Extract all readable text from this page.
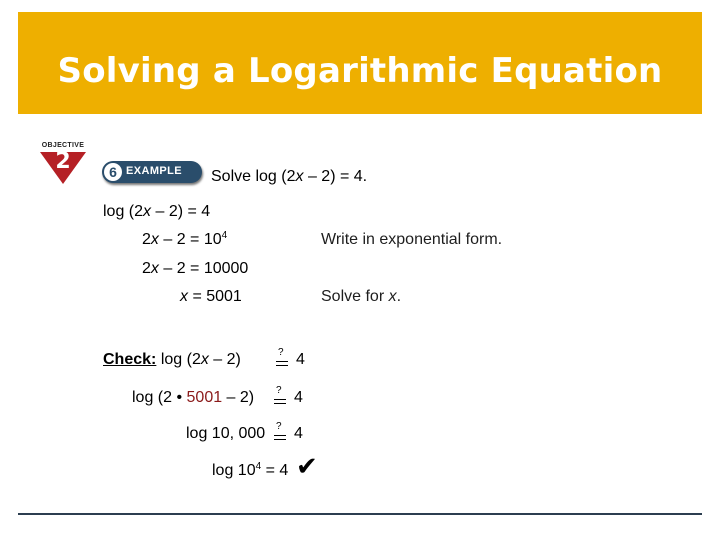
Solving a Logarithmic Equation
OBJECTIVE
2	6 EXAMPLE Solve log (2x – 2) = 4.
log (2x – 2) = 4
$2x - 2 = 10^4$	Write in exponential form.
2x – 2 = 10000
x = 5001	Solve for x.
Check: log (2x – 2)	? 4
log (2 • 5001 – 2) ? 4
log 10, 000 ? 4
$\log 10^4 = 4$ ✔
